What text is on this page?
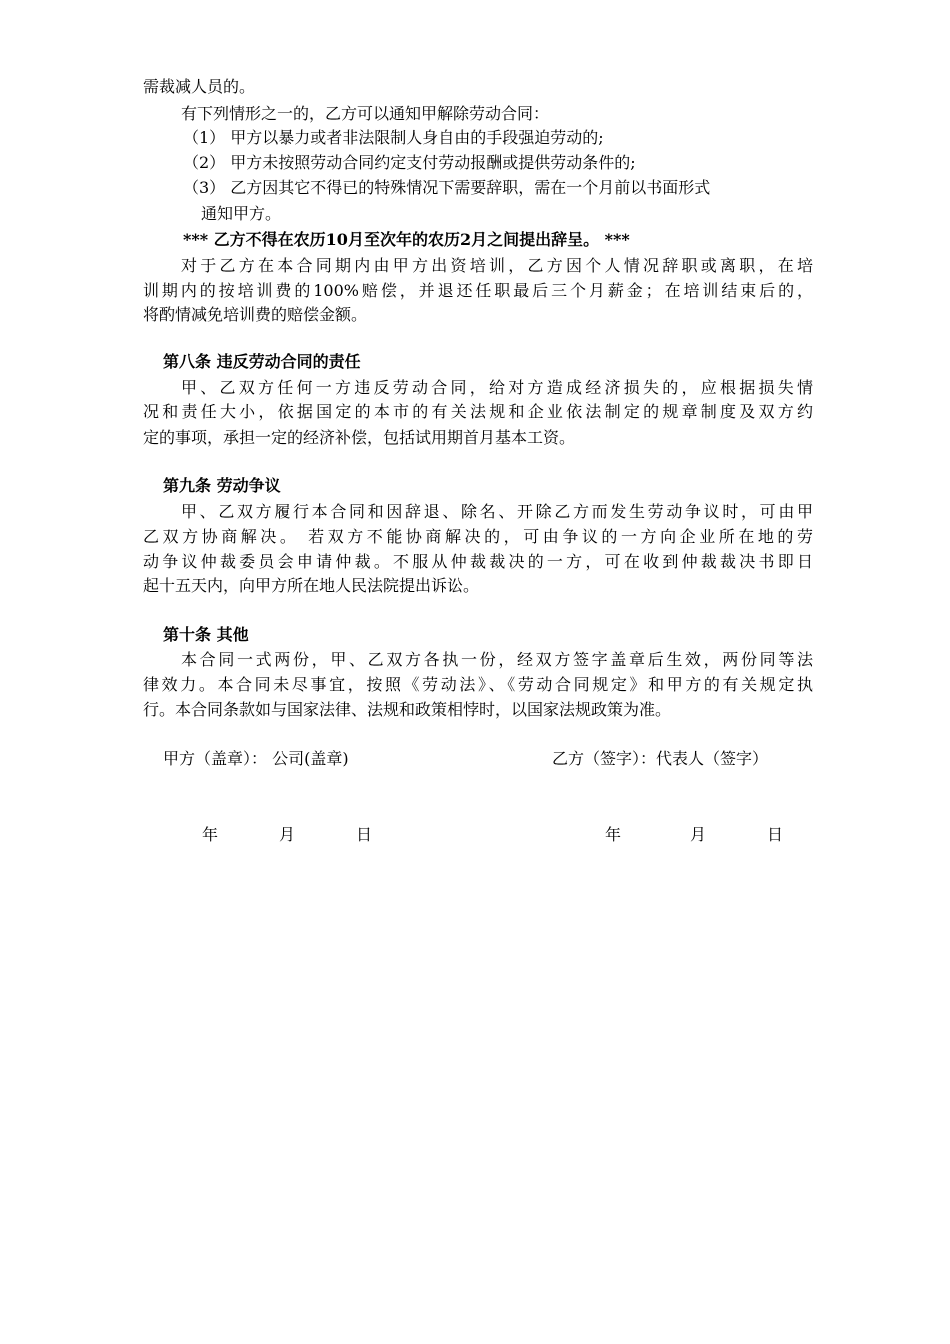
需裁减人员的。
有下列情形之一的，乙方可以通知甲解除劳动合同：
（1） 甲方以暴力或者非法限制人身自由的手段强迫劳动的;
（2） 甲方未按照劳动合同约定支付劳动报酬或提供劳动条件的;
（3） 乙方因其它不得已的特殊情况下需要辞职，需在一个月前以书面形式
通知甲方。
*** 乙方不得在农历10月至次年的农历2月之间提出辞呈。 ***
对于乙方在本合同期内由甲方出资培训，乙方因个人情况辞职或离职，在培
训期内的按培训费的100%赔偿，并退还任职最后三个月薪金；在培训结束后的，
将酌情减免培训费的赔偿金额。
第八条 违反劳动合同的责任
甲、乙双方任何一方违反劳动合同，给对方造成经济损失的，应根据损失情
况和责任大小，依据国定的本市的有关法规和企业依法制定的规章制度及双方约
定的事项，承担一定的经济补偿，包括试用期首月基本工资。
第九条 劳动争议
甲、乙双方履行本合同和因辞退、除名、开除乙方而发生劳动争议时，可由甲
乙双方协商解决。 若双方不能协商解决的，可由争议的一方向企业所在地的劳
动争议仲裁委员会申请仲裁。不服从仲裁裁决的一方，可在收到仲裁裁决书即日
起十五天内，向甲方所在地人民法院提出诉讼。
第十条 其他
本合同一式两份，甲、乙双方各执一份，经双方签字盖章后生效，两份同等法
律效力。本合同未尽事宜，按照《劳动法》、《劳动合同规定》和甲方的有关规定执
行。本合同条款如与国家法律、法规和政策相悖时，以国家法规政策为准。
甲方（盖章）： 公司(盖章)	乙方（签字）：代表人（签字）
年	月	日	年	月	日
